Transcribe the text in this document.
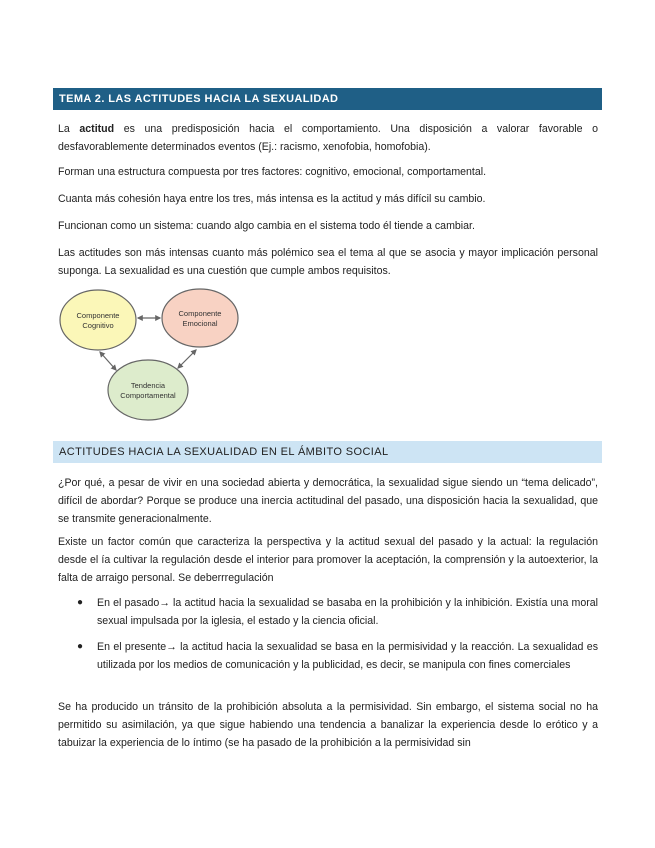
TEMA 2. LAS ACTITUDES HACIA LA SEXUALIDAD

La actitud es una predisposición hacia el comportamiento. Una disposición a valorar favorable o desfavorablemente determinados eventos (Ej.: racismo, xenofobia, homofobia).

Forman una estructura compuesta por tres factores: cognitivo, emocional, comportamental.

Cuanta más cohesión haya entre los tres, más intensa es la actitud y más difícil su cambio.

Funcionan como un sistema: cuando algo cambia en el sistema todo él tiende a cambiar.

Las actitudes son más intensas cuanto más polémico sea el tema al que se asocia y mayor implicación personal suponga. La sexualidad es una cuestión que cumple ambos requisitos.

Componente
Cognitivo
Componente
Emocional
Tendencia
Comportamental
ACTITUDES HACIA LA SEXUALIDAD EN EL ÁMBITO SOCIAL

¿Por qué, a pesar de vivir en una sociedad abierta y democrática, la sexualidad sigue siendo un “tema delicado”, difícil de abordar? Porque se produce una inercia actitudinal del pasado, una disposición hacia la sexualidad, que se transmite generacionalmente.

Existe un factor común que caracteriza la perspectiva y la actitud sexual del pasado y la actual: la regulación desde el ía cultivar la regulación desde el interior para promover la aceptación, la comprensión y la autoexterior, la falta de arraigo personal. Se deberrregulación

● En el pasado→ la actitud hacia la sexualidad se basaba en la prohibición y la inhibición. Existía una moral sexual impulsada por la iglesia, el estado y la ciencia oficial.

● En el presente→ la actitud hacia la sexualidad se basa en la permisividad y la reacción. La sexualidad es utilizada por los medios de comunicación y la publicidad, es decir, se manipula con fines comerciales

Se ha producido un tránsito de la prohibición absoluta a la permisividad. Sin embargo, el sistema social no ha permitido su asimilación, ya que sigue habiendo una tendencia a banalizar la experiencia desde lo erótico y a tabuizar la experiencia de lo íntimo (se ha pasado de la prohibición a la permisividad sin
